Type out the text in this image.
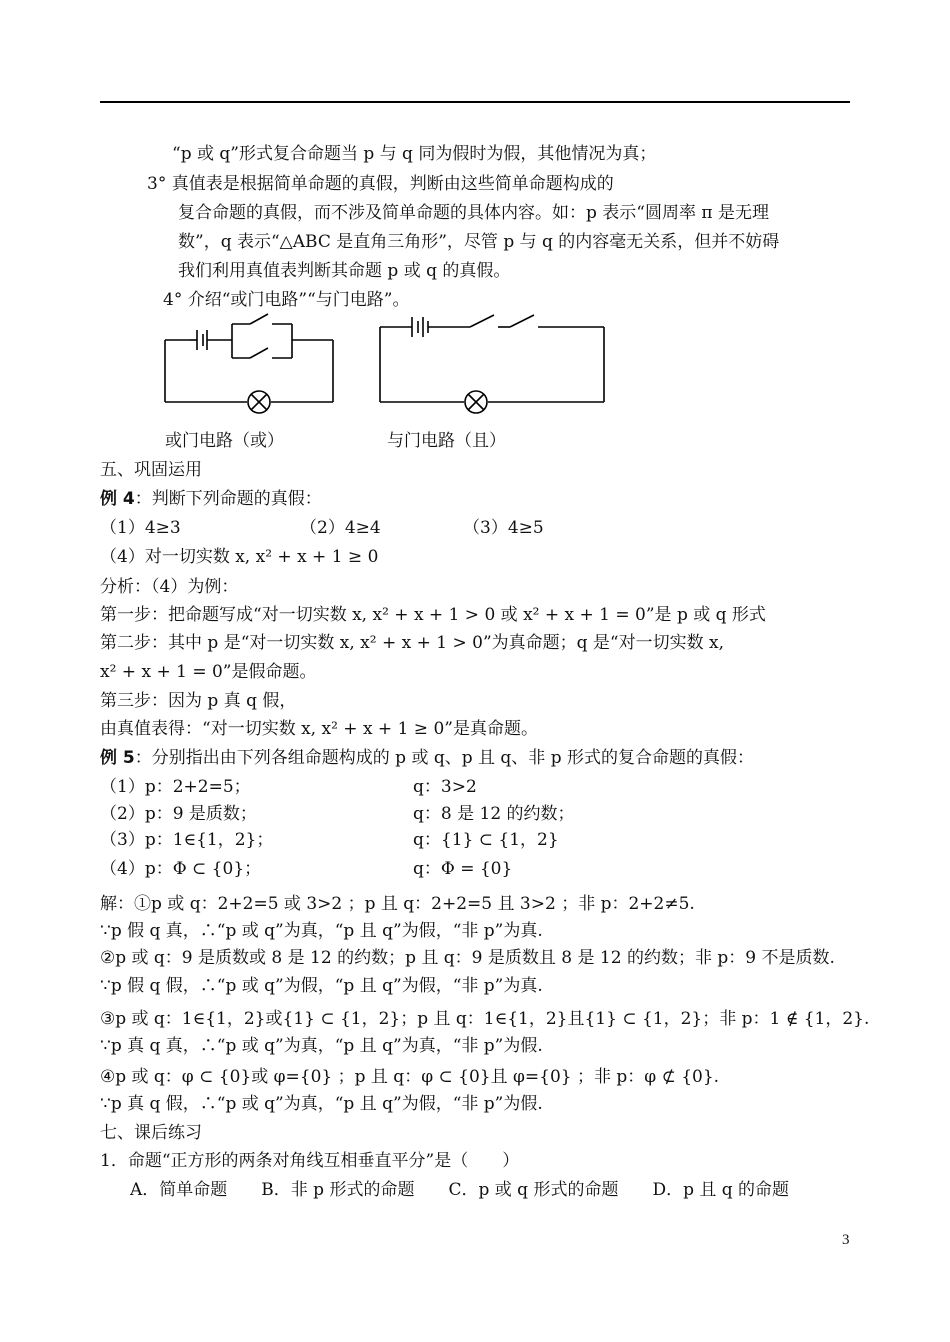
“p 或 q”形式复合命题当 p 与 q 同为假时为假，其他情况为真；
3° 真值表是根据简单命题的真假，判断由这些简单命题构成的
复合命题的真假，而不涉及简单命题的具体内容。如：p 表示“圆周率 π 是无理
数”，q 表示“△ABC 是直角三角形”，尽管 p 与 q 的内容毫无关系，但并不妨碍
我们利用真值表判断其命题 p 或 q 的真假。
4° 介绍“或门电路”“与门电路”。
或门电路（或）	与门电路（且）
五、巩固运用
例 4：判断下列命题的真假：
（1）4≥3	（2）4≥4	（3）4≥5
（4）对一切实数 x, x² + x + 1 ≥ 0
分析：（4）为例：
第一步：把命题写成“对一切实数 x, x² + x + 1 > 0 或 x² + x + 1 = 0”是 p 或 q 形式
第二步：其中 p 是“对一切实数 x, x² + x + 1 > 0”为真命题；q 是“对一切实数 x,
x² + x + 1 = 0”是假命题。
第三步：因为 p 真 q 假，
由真值表得：“对一切实数 x, x² + x + 1 ≥ 0”是真命题。
例 5：分别指出由下列各组命题构成的 p 或 q、p 且 q、非 p 形式的复合命题的真假：
（1）p：2+2=5；	q：3>2
（2）p：9 是质数；	q：8 是 12 的约数；
（3）p：1∈{1，2}；	q：{1} ⊂ {1，2}
（4）p：Φ ⊂ {0}；	q：Φ = {0}
解：①p 或 q：2+2=5 或 3>2 ；p 且 q：2+2=5 且 3>2 ；非 p：2+2≠5.
∵p 假 q 真，∴“p 或 q”为真，“p 且 q”为假，“非 p”为真.
②p 或 q：9 是质数或 8 是 12 的约数；p 且 q：9 是质数且 8 是 12 的约数；非 p：9 不是质数.
∵p 假 q 假，∴“p 或 q”为假，“p 且 q”为假，“非 p”为真.
③p 或 q：1∈{1，2}或{1} ⊂ {1，2}；p 且 q：1∈{1，2}且{1} ⊂ {1，2}；非 p：1 ∉ {1，2}.
∵p 真 q 真，∴“p 或 q”为真，“p 且 q”为真，“非 p”为假.
④p 或 q：φ ⊂ {0}或 φ={0} ；p 且 q：φ ⊂ {0}且 φ={0} ；非 p：φ ⊄ {0}.
∵p 真 q 假，∴“p 或 q”为真，“p 且 q”为假，“非 p”为假.
七、课后练习
1．命题“正方形的两条对角线互相垂直平分”是（　　）
A．简单命题　　B．非 p 形式的命题　　C．p 或 q 形式的命题　　D．p 且 q 的命题
3
